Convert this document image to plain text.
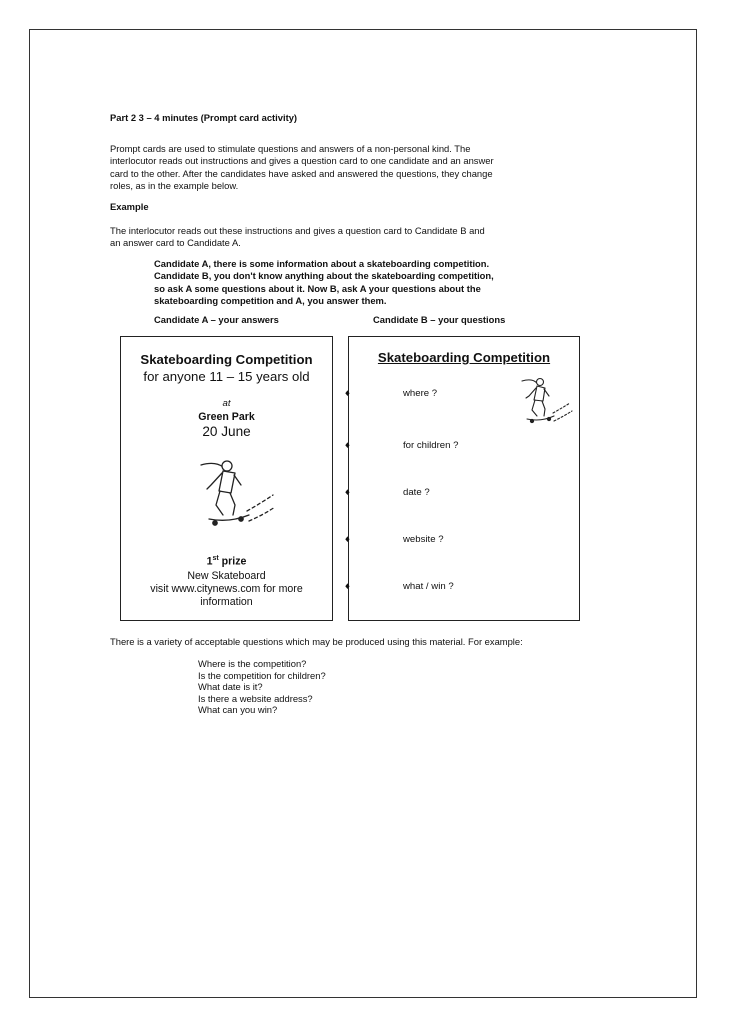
Part 2 3 – 4 minutes (Prompt card activity)
Prompt cards are used to stimulate questions and answers of a non-personal kind. The
interlocutor reads out instructions and gives a question card to one candidate and an answer
card to the other. After the candidates have asked and answered the questions, they change
roles, as in the example below.
Example
The interlocutor reads out these instructions and gives a question card to Candidate B and
an answer card to Candidate A.
Candidate A, there is some information about a skateboarding competition.
Candidate B, you don't know anything about the skateboarding competition,
so ask A some questions about it. Now B, ask A your questions about the
skateboarding competition and A, you answer them.
Candidate A – your answers	Candidate B – your questions
Skateboarding Competition
for anyone 11 – 15 years old
at
Green Park
20 June
1st prize
New Skateboard
visit www.citynews.com for more
information
Skateboarding Competition
♦	where ?
♦	for children ?
♦	date ?
♦	website ?
♦	what / win ?
There is a variety of acceptable questions which may be produced using this material. For example:
Where is the competition?
Is the competition for children?
What date is it?
Is there a website address?
What can you win?
